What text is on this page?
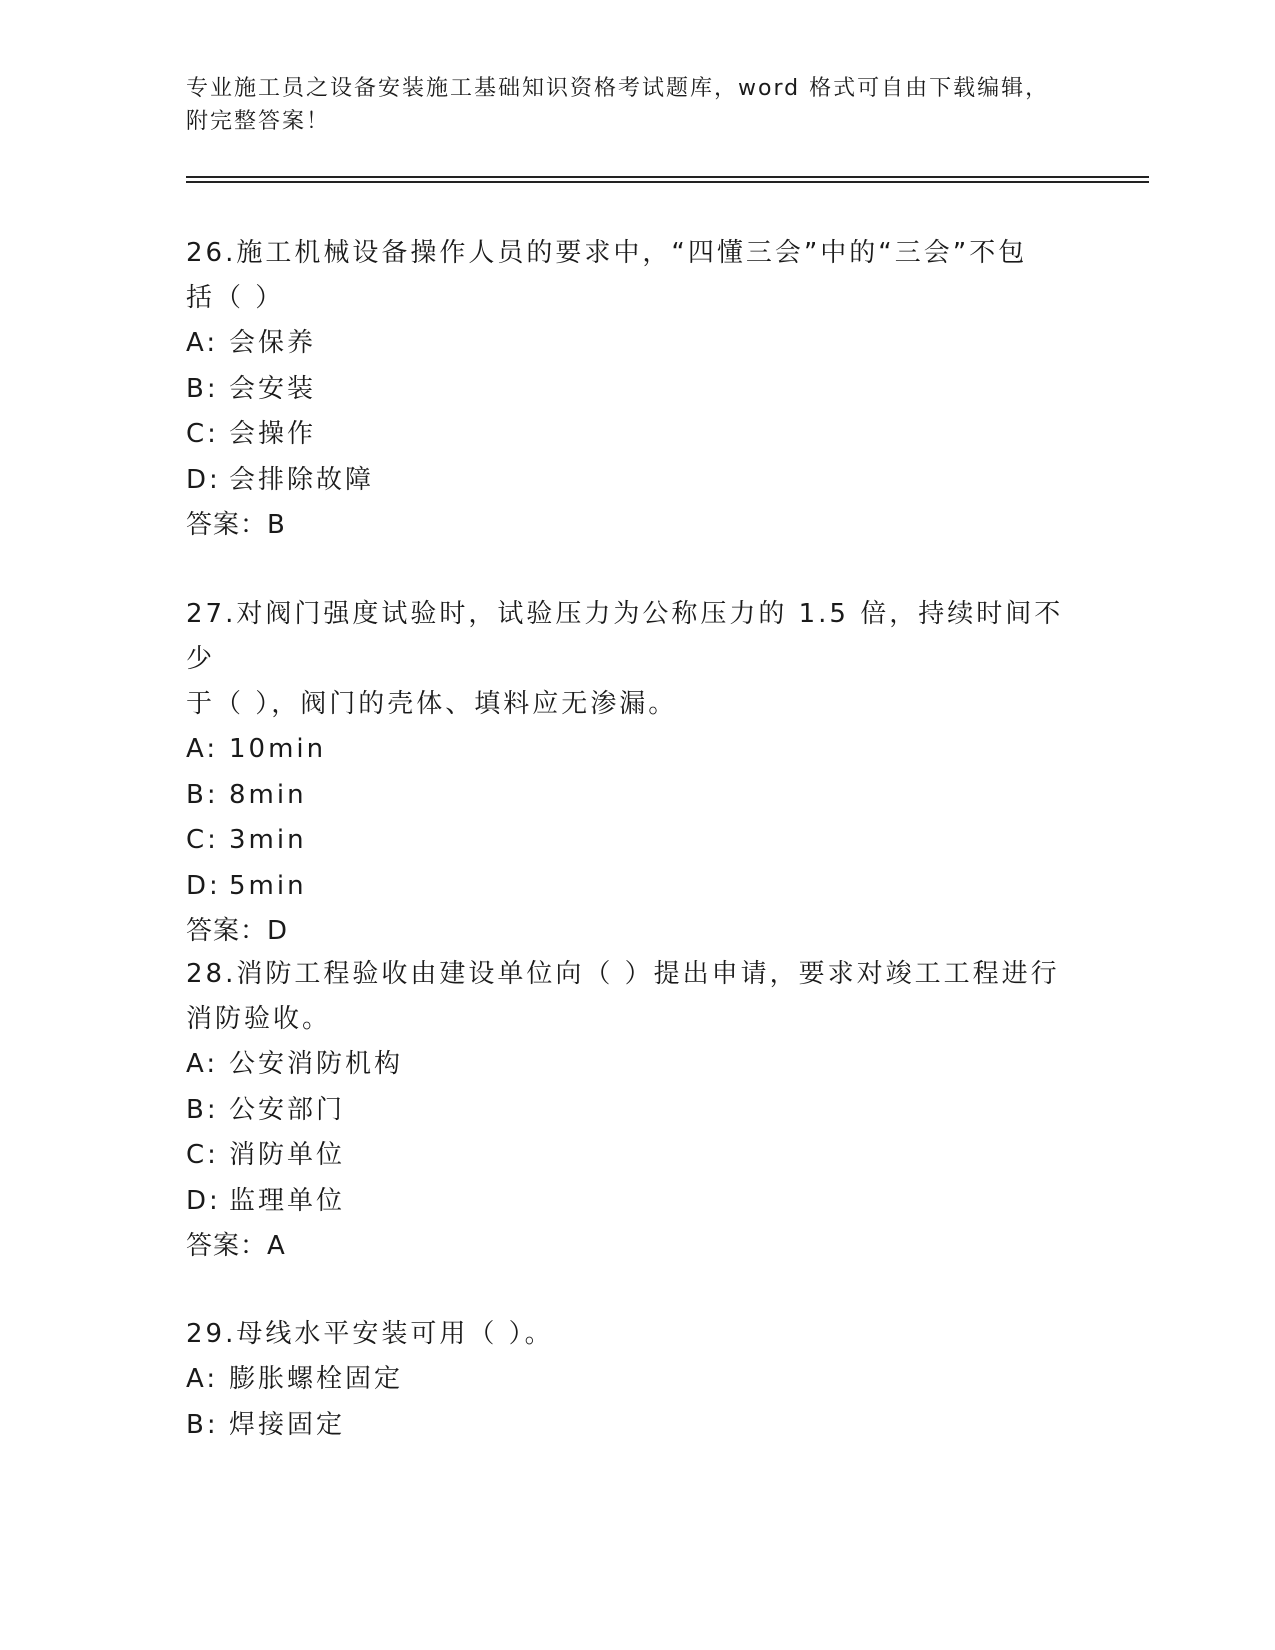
专业施工员之设备安装施工基础知识资格考试题库，word 格式可自由下载编辑，
附完整答案！

26.施工机械设备操作人员的要求中，“四懂三会”中的“三会”不包

括（ ）

A: 会保养

B: 会安装

C: 会操作

D: 会排除故障

答案：B

27.对阀门强度试验时，试验压力为公称压力的 1.5 倍，持续时间不少

于（ ），阀门的壳体、填料应无渗漏。

A: 10min

B: 8min

C: 3min

D: 5min

答案：D

28.消防工程验收由建设单位向（ ）提出申请，要求对竣工工程进行

消防验收。

A: 公安消防机构

B: 公安部门

C: 消防单位

D: 监理单位

答案：A

29.母线水平安装可用（ ）。

A: 膨胀螺栓固定

B: 焊接固定
